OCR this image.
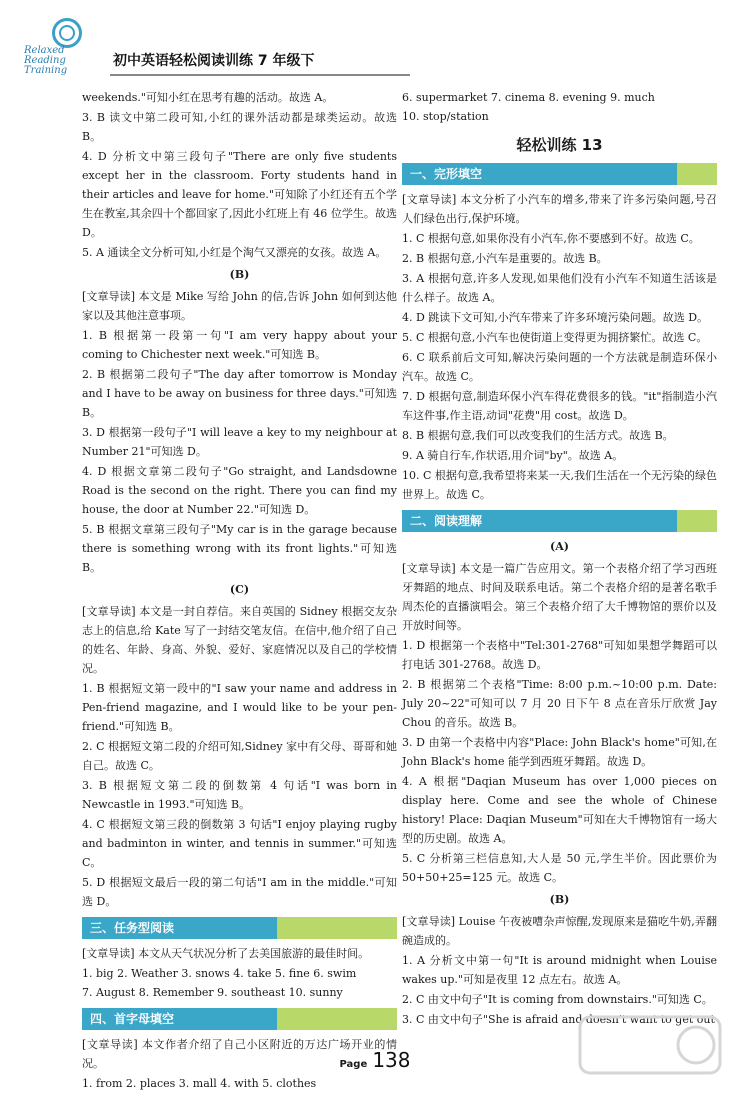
Relaxed Reading Training
初中英语轻松阅读训练 7 年级下
weekends."可知小红在思考有趣的活动。故选 A。
3. B 读文中第二段可知,小红的课外活动都是球类运动。故选 B。
4. D 分析文中第三段句子"There are only five students except her in the classroom. Forty students hand in their articles and leave for home."可知除了小红还有五个学生在教室,其余四十个都回家了,因此小红班上有 46 位学生。故选 D。
5. A 通读全文分析可知,小红是个淘气又漂亮的女孩。故选 A。
(B)
[文章导读] 本文是 Mike 写给 John 的信,告诉 John 如何到达他家以及其他注意事项。
1. B 根据第一段第一句"I am very happy about your coming to Chichester next week."可知选 B。
2. B 根据第二段句子"The day after tomorrow is Monday and I have to be away on business for three days."可知选 B。
3. D 根据第一段句子"I will leave a key to my neighbour at Number 21"可知选 D。
4. D 根据文章第二段句子"Go straight, and Landsdowne Road is the second on the right. There you can find my house, the door at Number 22."可知选 D。
5. B 根据文章第三段句子"My car is in the garage because there is something wrong with its front lights."可知选 B。
(C)
[文章导读] 本文是一封自荐信。来自英国的 Sidney 根据交友杂志上的信息,给 Kate 写了一封结交笔友信。在信中,他介绍了自己的姓名、年龄、身高、外貌、爱好、家庭情况以及自己的学校情况。
1. B 根据短文第一段中的"I saw your name and address in Pen-friend magazine, and I would like to be your pen-friend."可知选 B。
2. C 根据短文第二段的介绍可知,Sidney 家中有父母、哥哥和她自己。故选 C。
3. B 根据短文第二段的倒数第 4 句话"I was born in Newcastle in 1993."可知选 B。
4. C 根据短文第三段的倒数第 3 句话"I enjoy playing rugby and badminton in winter, and tennis in summer."可知选 C。
5. D 根据短文最后一段的第二句话"I am in the middle."可知选 D。
三、任务型阅读
[文章导读] 本文从天气状况分析了去美国旅游的最佳时间。
1. big 2. Weather 3. snows 4. take 5. fine 6. swim
7. August 8. Remember 9. southeast 10. sunny
四、首字母填空
[文章导读] 本文作者介绍了自己小区附近的万达广场开业的情况。
1. from 2. places 3. mall 4. with 5. clothes
6. supermarket 7. cinema 8. evening 9. much
10. stop/station
轻松训练 13
一、完形填空
[文章导读] 本文分析了小汽车的增多,带来了许多污染问题,号召人们绿色出行,保护环境。
1. C 根据句意,如果你没有小汽车,你不要感到不好。故选 C。
2. B 根据句意,小汽车是重要的。故选 B。
3. A 根据句意,许多人发现,如果他们没有小汽车不知道生活该是什么样子。故选 A。
4. D 跳读下文可知,小汽车带来了许多环境污染问题。故选 D。
5. C 根据句意,小汽车也使街道上变得更为拥挤繁忙。故选 C。
6. C 联系前后文可知,解决污染问题的一个方法就是制造环保小汽车。故选 C。
7. D 根据句意,制造环保小汽车得花费很多的钱。"it"指制造小汽车这件事,作主语,动词"花费"用 cost。故选 D。
8. B 根据句意,我们可以改变我们的生活方式。故选 B。
9. A 骑自行车,作状语,用介词"by"。故选 A。
10. C 根据句意,我希望将来某一天,我们生活在一个无污染的绿色世界上。故选 C。
二、阅读理解
(A)
[文章导读] 本文是一篇广告应用文。第一个表格介绍了学习西班牙舞蹈的地点、时间及联系电话。第二个表格介绍的是著名歌手周杰伦的直播演唱会。第三个表格介绍了大千博物馆的票价以及开放时间等。
1. D 根据第一个表格中"Tel:301-2768"可知如果想学舞蹈可以打电话 301-2768。故选 D。
2. B 根据第二个表格"Time: 8:00 p.m.~10:00 p.m. Date: July 20~22"可知可以 7 月 20 日下午 8 点在音乐厅欣赏 Jay Chou 的音乐。故选 B。
3. D 由第一个表格中内容"Place: John Black's home"可知,在 John Black's home 能学到西班牙舞蹈。故选 D。
4. A 根据"Daqian Museum has over 1,000 pieces on display here. Come and see the whole of Chinese history! Place: Daqian Museum"可知在大千博物馆有一场大型的历史剧。故选 A。
5. C 分析第三栏信息知,大人是 50 元,学生半价。因此票价为 50+50+25=125 元。故选 C。
(B)
[文章导读] Louise 午夜被嘈杂声惊醒,发现原来是猫吃牛奶,弄翻碗造成的。
1. A 分析文中第一句"It is around midnight when Louise wakes up."可知是夜里 12 点左右。故选 A。
2. C 由文中句子"It is coming from downstairs."可知选 C。
3. C 由文中句子"She is afraid and doesn't want to get out
Page 138
